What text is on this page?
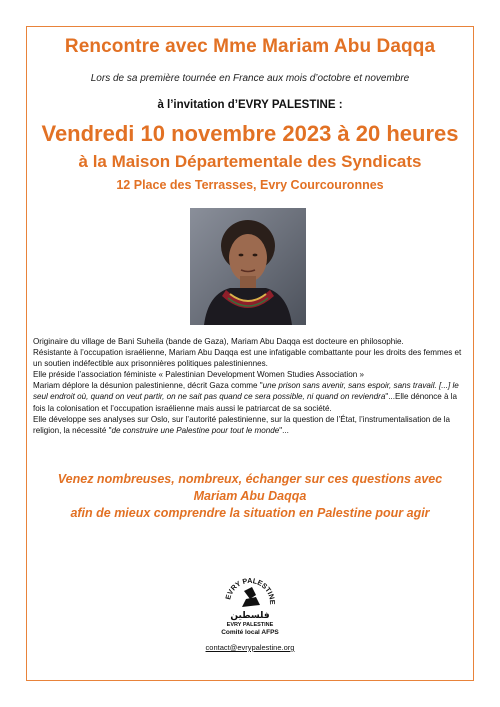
Rencontre avec Mme Mariam Abu Daqqa
Lors de sa première tournée en France aux mois d’octobre et novembre
à l’invitation d’EVRY PALESTINE :
Vendredi 10 novembre 2023 à 20 heures
à la Maison Départementale des Syndicats
12 Place des Terrasses, Evry Courcouronnes

Originaire du village de Bani Suheila (bande de Gaza), Mariam Abu Daqqa est docteure en philosophie.

Résistante à l’occupation israélienne, Mariam Abu Daqqa est une infatigable combattante pour les droits des femmes et un soutien indéfectible aux prisonnières politiques palestiniennes.

Elle préside l’association féministe « Palestinian Development Women Studies Association »

Mariam déplore la désunion palestinienne, décrit Gaza comme "une prison sans avenir, sans espoir, sans travail. [...] le seul endroit où, quand on veut partir, on ne sait pas quand ce sera possible, ni quand on reviendra"...Elle dénonce à la fois la colonisation et l’occupation israélienne mais aussi le patriarcat de sa société.

Elle développe ses analyses sur Oslo, sur l’autorité palestinienne, sur la question de l’État, l’instrumentalisation de la religion, la nécessité "de construire une Palestine pour tout le monde"...

Venez nombreuses, nombreux, échanger sur ces questions avec

Mariam Abu Daqqa

afin de mieux comprendre la situation en Palestine pour agir

EVRY PALESTINE
فلسطين
EVRY PALESTINE
Comité local AFPS
contact@evrypalestine.org
